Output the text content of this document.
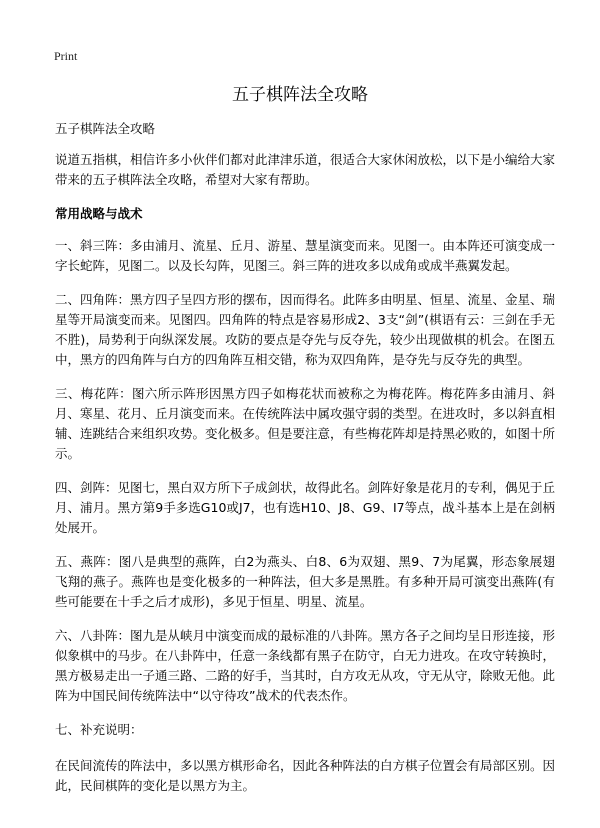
Print
五子棋阵法全攻略

五子棋阵法全攻略

说道五指棋，相信许多小伙伴们都对此津津乐道，很适合大家休闲放松，以下是小编给大家带来的五子棋阵法全攻略，希望对大家有帮助。

常用战略与战术

一、斜三阵：多由浦月、流星、丘月、游星、慧星演变而来。见图一。由本阵还可演变成一字长蛇阵，见图二。以及长勾阵，见图三。斜三阵的进攻多以成角或成半燕翼发起。

二、四角阵：黑方四子呈四方形的摆布，因而得名。此阵多由明星、恒星、流星、金星、瑞星等开局演变而来。见图四。四角阵的特点是容易形成2、3支“剑”(棋语有云：三剑在手无不胜)，局势利于向纵深发展。攻防的要点是夺先与反夺先，较少出现做棋的机会。在图五中，黑方的四角阵与白方的四角阵互相交错，称为双四角阵，是夺先与反夺先的典型。

三、梅花阵：图六所示阵形因黑方四子如梅花状而被称之为梅花阵。梅花阵多由浦月、斜月、寒星、花月、丘月演变而来。在传统阵法中属攻强守弱的类型。在进攻时，多以斜直相辅、连跳结合来组织攻势。变化极多。但是要注意，有些梅花阵却是持黑必败的，如图十所示。

四、剑阵：见图七，黑白双方所下子成剑状，故得此名。剑阵好象是花月的专利，偶见于丘月、浦月。黑方第9手多选G10或J7，也有选H10、J8、G9、I7等点，战斗基本上是在剑柄处展开。

五、燕阵：图八是典型的燕阵，白2为燕头、白8、6为双翅、黑9、7为尾翼，形态象展翅飞翔的燕子。燕阵也是变化极多的一种阵法，但大多是黑胜。有多种开局可演变出燕阵(有些可能要在十手之后才成形)，多见于恒星、明星、流星。

六、八卦阵：图九是从峡月中演变而成的最标准的八卦阵。黑方各子之间均呈日形连接，形似象棋中的马步。在八卦阵中，任意一条线都有黑子在防守，白无力进攻。在攻守转换时，黑方极易走出一子通三路、二路的好手，当其时，白方攻无从攻，守无从守，除败无他。此阵为中国民间传统阵法中“以守待攻”战术的代表杰作。

七、补充说明：

在民间流传的阵法中，多以黑方棋形命名，因此各种阵法的白方棋子位置会有局部区别。因此，民间棋阵的变化是以黑方为主。
